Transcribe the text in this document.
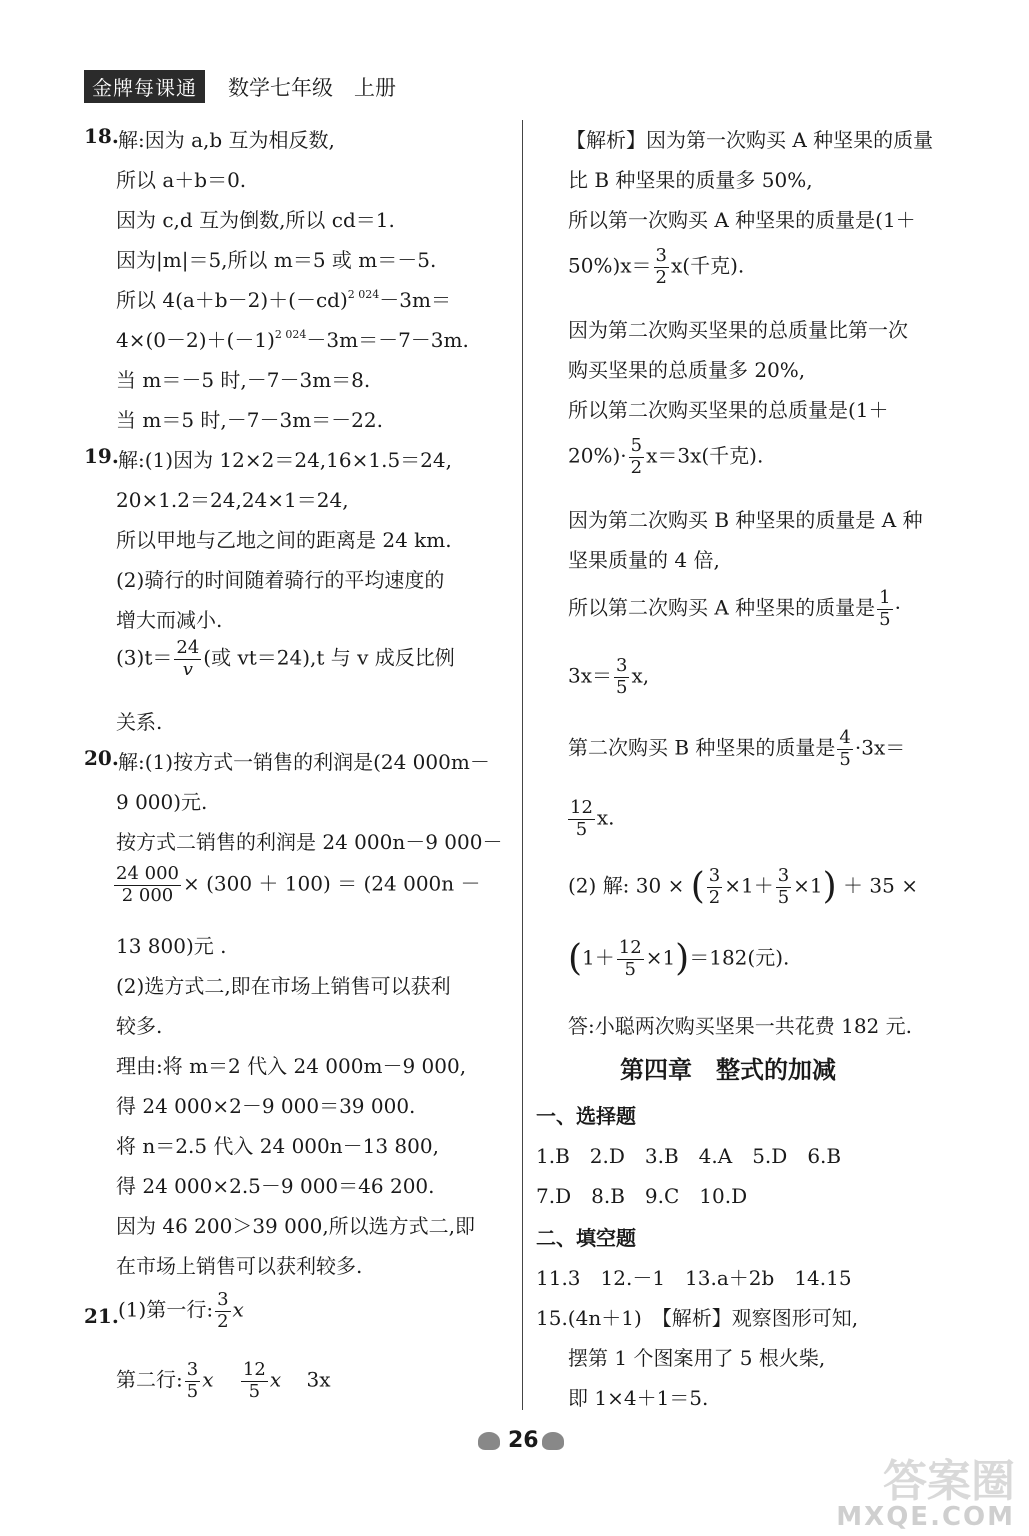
金牌每课通	数学七年级　上册
18. 解:因为 a,b 互为相反数,
所以 a＋b＝0.
因为 c,d 互为倒数,所以 cd＝1.
因为|m|＝5,所以 m＝5 或 m＝－5.
所以 $4(a+b-2)+(-cd)^{2 024}-3m=$
$4\times(0-2)+(-1)^{2 024}-3m=-7-3m$.
当 m＝－5 时,－7－3m＝8.
当 m＝5 时,－7－3m＝－22.
19. 解:(1)因为 12×2＝24,16×1.5＝24,
20×1.2＝24,24×1＝24,
所以甲地与乙地之间的距离是 24 km.
(2)骑行的时间随着骑行的平均速度的
增大而减小.
$(3)t= \frac{24}{v}$ (或 vt＝24),t 与 v 成反比例
关系.
20. 解:(1)按方式一销售的利润是(24 000m－
9 000)元.
按方式二销售的利润是 24 000n－9 000－
$\frac{24 000}{2 000} \times (300 + 100) = (24$ 000n －
13 800)元 .
(2)选方式二,即在市场上销售可以获利
较多.
理由:将 m＝2 代入 24 000m－9 000,
得 24 000×2－9 000＝39 000.
将 n＝2.5 代入 24 000n－13 800,
得 24 000×2.5－9 000＝46 200.
因为 46 200＞39 000,所以选方式二,即
在市场上销售可以获利较多.
21. (1)第一行: $\frac{3}{2}$ x
第二行: $\frac{3}{5}$ x $\frac{12}{5}$ x 3x
【解析】因为第一次购买 A 种坚果的质量
比 B 种坚果的质量多 50%,
所以第一次购买 A 种坚果的质量是(1＋
$50\%)x= \frac{3}{2} x$(千克).
因为第二次购买坚果的总质量比第一次
购买坚果的总质量多 20%,
所以第二次购买坚果的总质量是(1＋
$20\%)\cdot \frac{5}{2} x=3x$(千克).
因为第二次购买 B 种坚果的质量是 A 种
坚果质量的 4 倍,
所以第二次购买 A 种坚果的质量是 $\frac{1}{5}$ ·
$3x= \frac{3}{5} x$,
第二次购买 B 种坚果的质量是 $\frac{4}{5} \cdot 3x=$
$\frac{12}{5} x$.
(2) 解: 30 × ( $\frac{3}{2} \times 1+ \frac{3}{5} \times 1) + 35$ ×
$(1+ \frac{12}{5} \times 1)=182$(元).
答:小聪两次购买坚果一共花费 182 元.
第四章　整式的加减
一、选择题
1.B　2.D　3.B　4.A　5.D　6.B
7.D　8.B　9.C　10.D
二、填空题
11.3　12.－1　13.a＋2b　14.15
15.(4n＋1)　【解析】观察图形可知,
摆第 1 个图案用了 5 根火柴,
即 1×4＋1＝5.
26
答案圈
MXQE.COM
